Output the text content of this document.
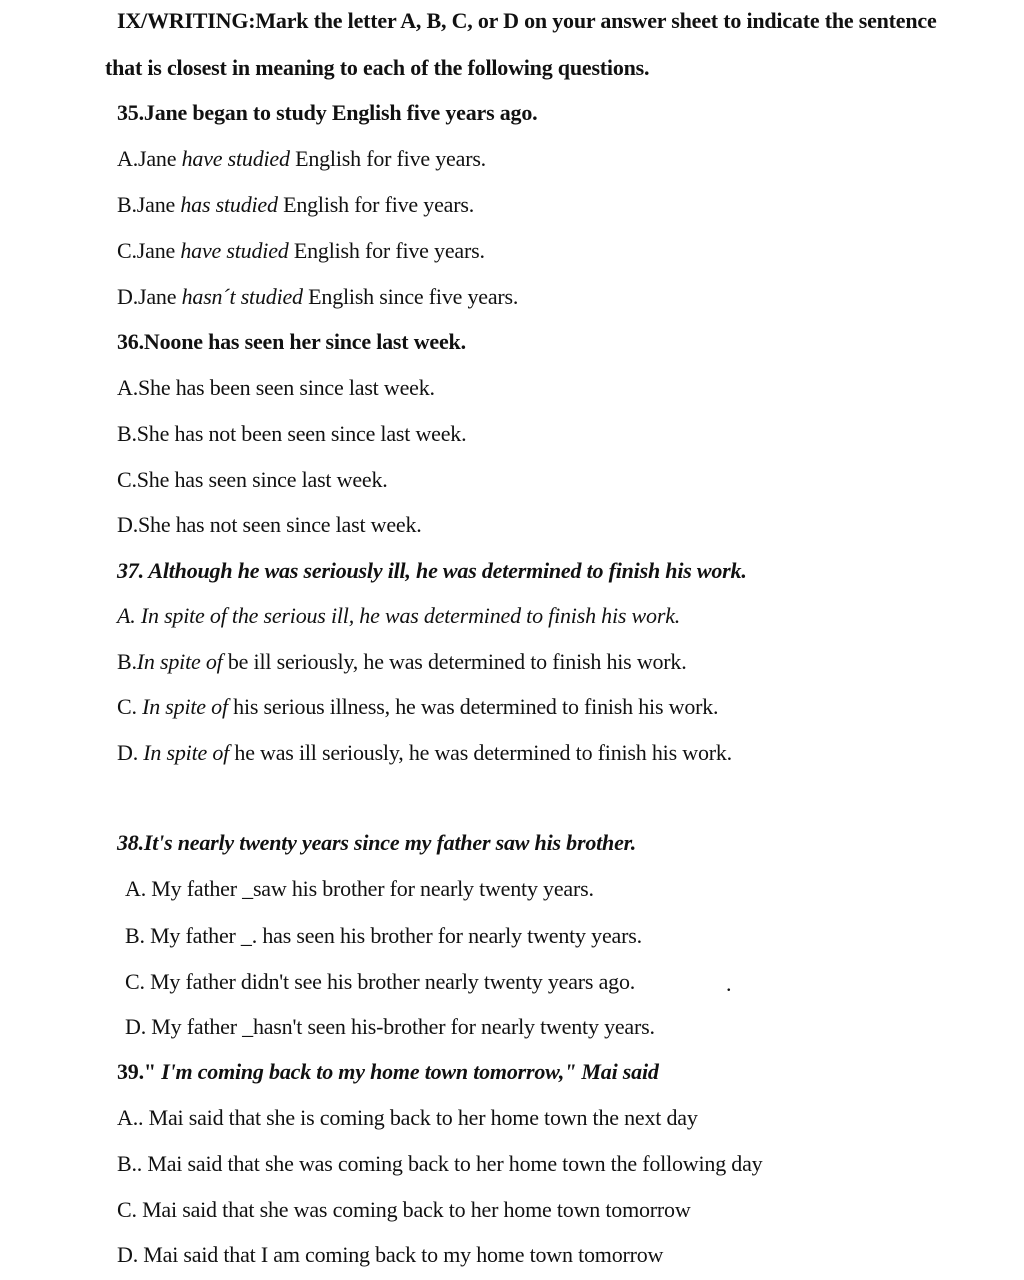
IX/WRITING:Mark the letter A, B, C, or D on your answer sheet to indicate the sentence
that is closest in meaning to each of the following questions.
35.Jane began to study English five years ago.
A.Jane have studied English for five years.
B.Jane has studied English for five years.
C.Jane have studied English for five years.
D.Jane hasn´t studied English since five years.
36.Noone has seen her since last week.
A.She has been seen since last week.
B.She has not been seen since last week.
C.She has seen since last week.
D.She has not seen since last week.
37. Although he was seriously ill, he was determined to finish his work.
A. In spite of the serious ill, he was determined to finish his work.
B.In spite of be ill seriously, he was determined to finish his work.
C. In spite of his serious illness, he was determined to finish his work.
D. In spite of he was ill seriously, he was determined to finish his work.
38.It's nearly twenty years since my father saw his brother.
A. My father _saw his brother for nearly twenty years.
B. My father _. has seen his brother for nearly twenty years.
C. My father didn't see his brother nearly twenty years ago.	.
D. My father _hasn't seen his-brother for nearly twenty years.
39." I'm coming back to my home town tomorrow," Mai said
A.. Mai said that she is coming back to her home town the next day
B.. Mai said that she was coming back to her home town the following day
C. Mai said that she was coming back to her home town tomorrow
D. Mai said that I am coming back to my home town tomorrow
